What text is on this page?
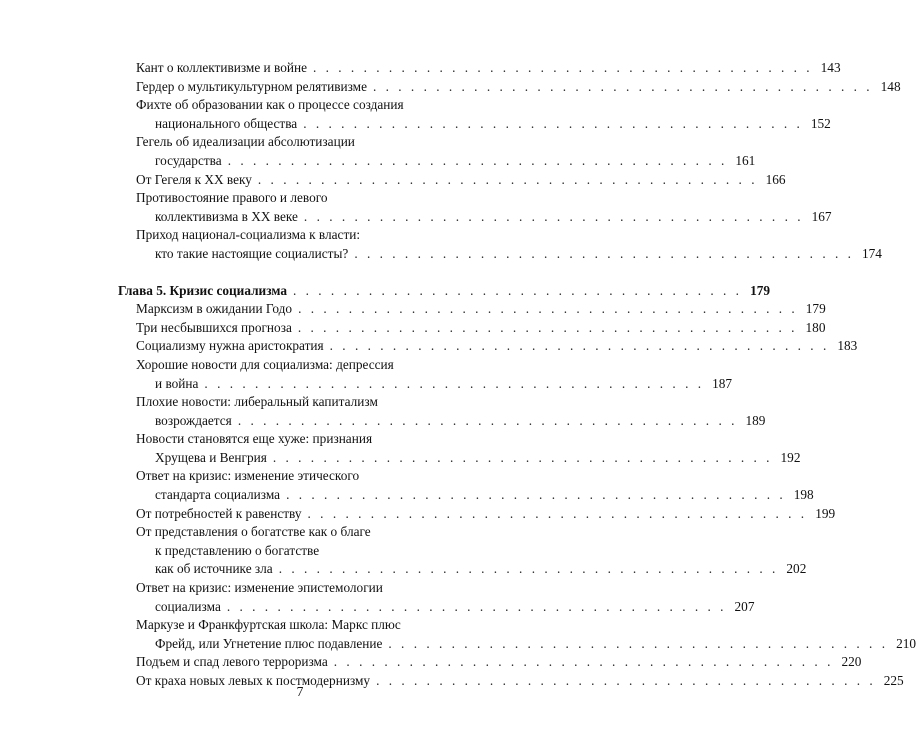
Кант о коллективизме и войне . . . . . . . . . . . . . . . . . . . . . . . . . . . . . . . . . . . . . . . . 143
Гердер о мультикультурном релятивизме . . . . . . . . . . . . . . . . . . . . . . . . . . . . . . . . . . . . . . . . 148
Фихте об образовании как о процессе создания
национального общества . . . . . . . . . . . . . . . . . . . . . . . . . . . . . . . . . . . . . . . . 152
Гегель об идеализации абсолютизации
государства . . . . . . . . . . . . . . . . . . . . . . . . . . . . . . . . . . . . . . . . 161
От Гегеля к XX веку . . . . . . . . . . . . . . . . . . . . . . . . . . . . . . . . . . . . . . . . 166
Противостояние правого и левого
коллективизма в XX веке . . . . . . . . . . . . . . . . . . . . . . . . . . . . . . . . . . . . . . . . 167
Приход национал-социализма к власти:
кто такие настоящие социалисты? . . . . . . . . . . . . . . . . . . . . . . . . . . . . . . . . . . . . . . . . 174
Глава 5. Кризис социализма . . . . . . . . . . . . . . . . . . . . . . . . . . . . . . . . . . . . 179
Марксизм в ожидании Годо . . . . . . . . . . . . . . . . . . . . . . . . . . . . . . . . . . . . . . . . 179
Три несбывшихся прогноза . . . . . . . . . . . . . . . . . . . . . . . . . . . . . . . . . . . . . . . . 180
Социализму нужна аристократия . . . . . . . . . . . . . . . . . . . . . . . . . . . . . . . . . . . . . . . . 183
Хорошие новости для социализма: депрессия
и война . . . . . . . . . . . . . . . . . . . . . . . . . . . . . . . . . . . . . . . . 187
Плохие новости: либеральный капитализм
возрождается . . . . . . . . . . . . . . . . . . . . . . . . . . . . . . . . . . . . . . . . 189
Новости становятся еще хуже: признания
Хрущева и Венгрия . . . . . . . . . . . . . . . . . . . . . . . . . . . . . . . . . . . . . . . . 192
Ответ на кризис: изменение этического
стандарта социализма . . . . . . . . . . . . . . . . . . . . . . . . . . . . . . . . . . . . . . . . 198
От потребностей к равенству . . . . . . . . . . . . . . . . . . . . . . . . . . . . . . . . . . . . . . . . 199
От представления о богатстве как о благе
к представлению о богатстве
как об источнике зла . . . . . . . . . . . . . . . . . . . . . . . . . . . . . . . . . . . . . . . . 202
Ответ на кризис: изменение эпистемологии
социализма . . . . . . . . . . . . . . . . . . . . . . . . . . . . . . . . . . . . . . . . 207
Маркузе и Франкфуртская школа: Маркс плюс
Фрейд, или Угнетение плюс подавление . . . . . . . . . . . . . . . . . . . . . . . . . . . . . . . . . . . . . . . . 210
Подъем и спад левого терроризма . . . . . . . . . . . . . . . . . . . . . . . . . . . . . . . . . . . . . . . . 220
От краха новых левых к постмодернизму . . . . . . . . . . . . . . . . . . . . . . . . . . . . . . . . . . . . . . . . 225
7
